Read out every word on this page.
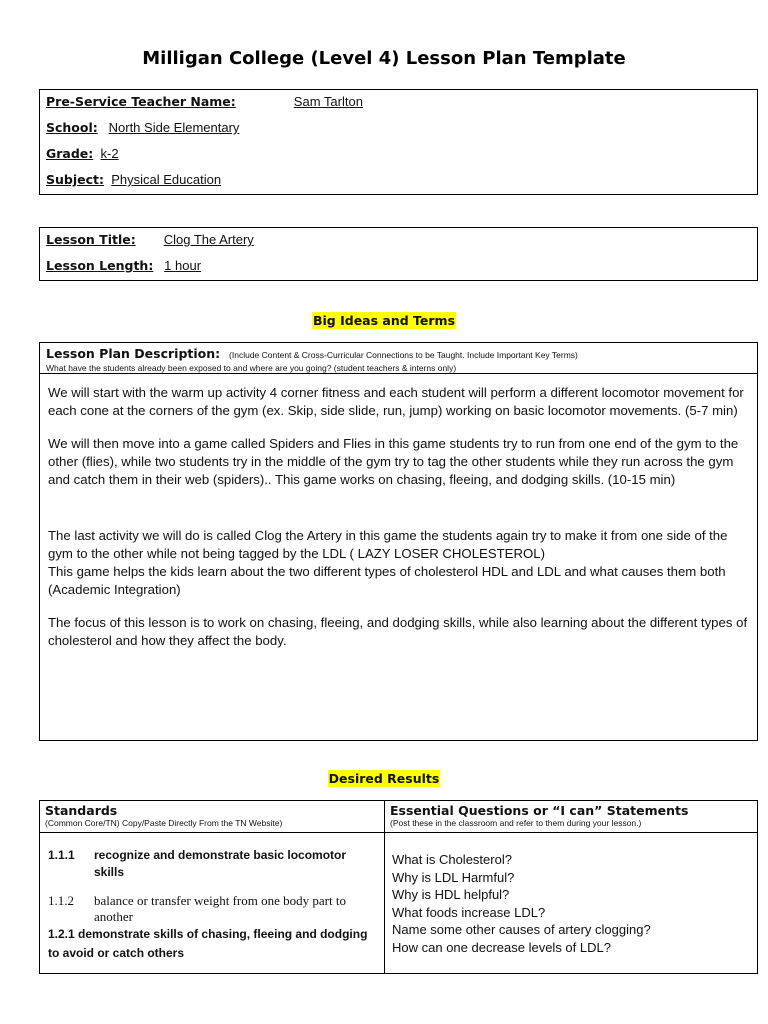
Milligan College (Level 4) Lesson Plan Template
Pre-Service Teacher Name:	Sam Tarlton
School: North Side Elementary
Grade: k-2
Subject: Physical Education
Lesson Title: Clog The Artery
Lesson Length: 1 hour
Big Ideas and Terms
Lesson Plan Description: (Include Content & Cross-Curricular Connections to be Taught. Include Important Key Terms)
What have the students already been exposed to and where are you going? (student teachers & interns only)

We will start with the warm up activity 4 corner fitness and each student will perform a different locomotor movement for each cone at the corners of the gym (ex. Skip, side slide, run, jump) working on basic locomotor movements. (5-7 min)

We will then move into a game called Spiders and Flies in this game students try to run from one end of the gym to the other (flies), while two students try in the middle of the gym try to tag the other students while they run across the gym and catch them in their web (spiders).. This game works on chasing, fleeing, and dodging skills. (10-15 min)

The last activity we will do is called Clog the Artery in this game the students again try to make it from one side of the gym to the other while not being tagged by the LDL ( LAZY LOSER CHOLESTEROL)

This game helps the kids learn about the two different types of cholesterol HDL and LDL and what causes them both (Academic Integration)

The focus of this lesson is to work on chasing, fleeing, and dodging skills, while also learning about the different types of cholesterol and how they affect the body.

Desired Results
Standards
(Common Core/TN) Copy/Paste Directly From the TN Website)
1.1.1	recognize and demonstrate basic locomotor skills
1.1.2	balance or transfer weight from one body part to another
1.2.1 demonstrate skills of chasing, fleeing and dodging to avoid or catch others
Essential Questions or “I can” Statements
(Post these in the classroom and refer to them during your lesson.)
What is Cholesterol?
Why is LDL Harmful?
Why is HDL helpful?
What foods increase LDL?
Name some other causes of artery clogging?
How can one decrease levels of LDL?
